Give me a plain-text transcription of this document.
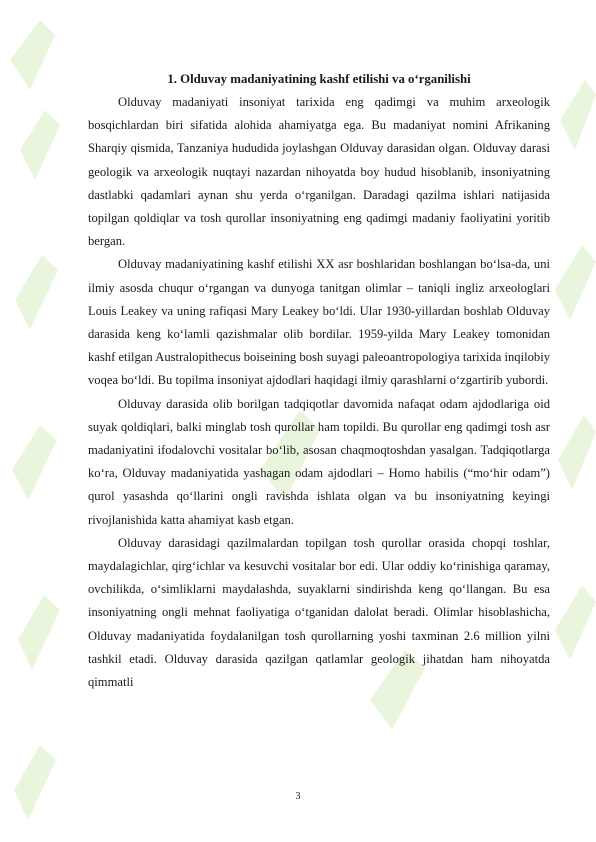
1. Olduvay madaniyatining kashf etilishi va o‘rganilishi

Olduvay madaniyati insoniyat tarixida eng qadimgi va muhim arxeologik bosqichlardan biri sifatida alohida ahamiyatga ega. Bu madaniyat nomini Afrikaning Sharqiy qismida, Tanzaniya hududida joylashgan Olduvay darasidan olgan. Olduvay darasi geologik va arxeologik nuqtayi nazardan nihoyatda boy hudud hisoblanib, insoniyatning dastlabki qadamlari aynan shu yerda o‘rganilgan. Daradagi qazilma ishlari natijasida topilgan qoldiqlar va tosh qurollar insoniyatning eng qadimgi madaniy faoliyatini yoritib bergan.

Olduvay madaniyatining kashf etilishi XX asr boshlaridan boshlangan bo‘lsa-da, uni ilmiy asosda chuqur o‘rgangan va dunyoga tanitgan olimlar – taniqli ingliz arxeologlari Louis Leakey va uning rafiqasi Mary Leakey bo‘ldi. Ular 1930-yillardan boshlab Olduvay darasida keng ko‘lamli qazishmalar olib bordilar. 1959-yilda Mary Leakey tomonidan kashf etilgan Australopithecus boiseining bosh suyagi paleoantropologiya tarixida inqilobiy voqea bo‘ldi. Bu topilma insoniyat ajdodlari haqidagi ilmiy qarashlarni o‘zgartirib yubordi.

Olduvay darasida olib borilgan tadqiqotlar davomida nafaqat odam ajdodlariga oid suyak qoldiqlari, balki minglab tosh qurollar ham topildi. Bu qurollar eng qadimgi tosh asr madaniyatini ifodalovchi vositalar bo‘lib, asosan chaqmoqtoshdan yasalgan. Tadqiqotlarga ko‘ra, Olduvay madaniyatida yashagan odam ajdodlari – Homo habilis (“mo‘hir odam”) qurol yasashda qo‘llarini ongli ravishda ishlata olgan va bu insoniyatning keyingi rivojlanishida katta ahamiyat kasb etgan.

Olduvay darasidagi qazilmalardan topilgan tosh qurollar orasida chopqi toshlar, maydalagichlar, qirg‘ichlar va kesuvchi vositalar bor edi. Ular oddiy ko‘rinishiga qaramay, ovchilikda, o‘simliklarni maydalashda, suyaklarni sindirishda keng qo‘llangan. Bu esa insoniyatning ongli mehnat faoliyatiga o‘tganidan dalolat beradi. Olimlar hisoblashicha, Olduvay madaniyatida foydalanilgan tosh qurollarning yoshi taxminan 2.6 million yilni tashkil etadi. Olduvay darasida qazilgan qatlamlar geologik jihatdan ham nihoyatda qimmatli

3
